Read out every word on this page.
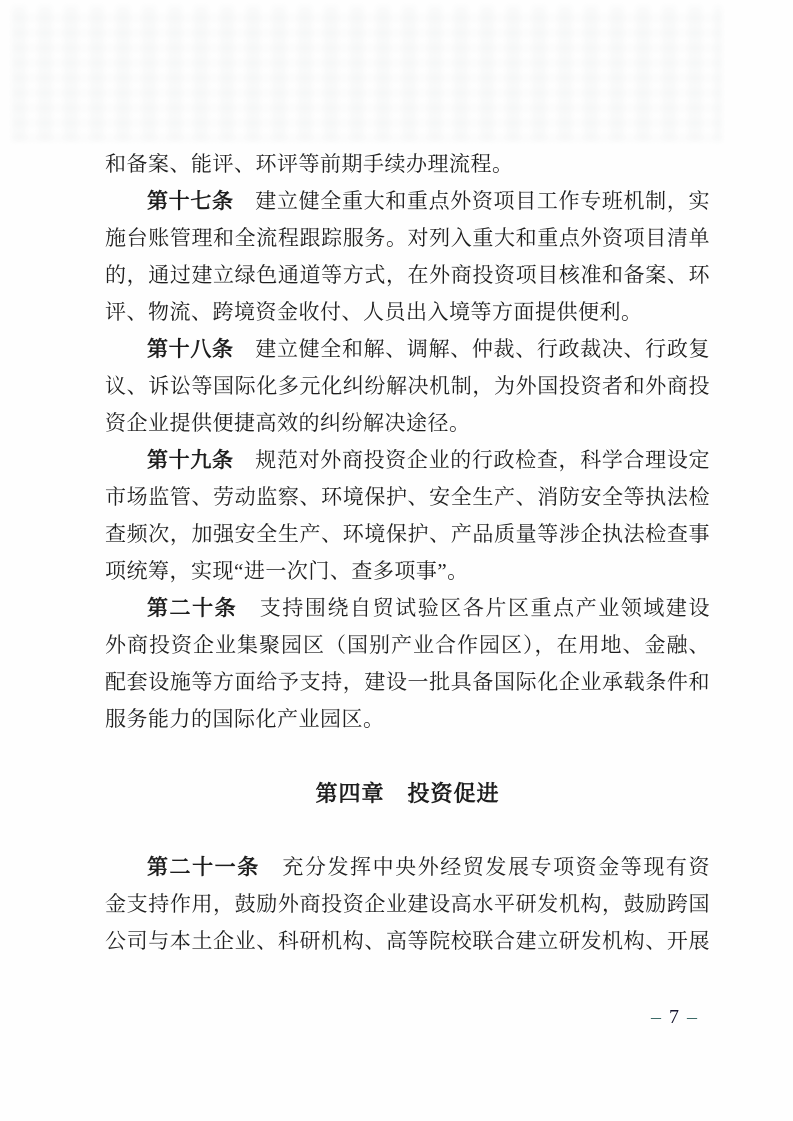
和备案、能评、环评等前期手续办理流程。
第十七条　建立健全重大和重点外资项目工作专班机制，实
施台账管理和全流程跟踪服务。对列入重大和重点外资项目清单
的，通过建立绿色通道等方式，在外商投资项目核准和备案、环
评、物流、跨境资金收付、人员出入境等方面提供便利。
第十八条　建立健全和解、调解、仲裁、行政裁决、行政复
议、诉讼等国际化多元化纠纷解决机制，为外国投资者和外商投
资企业提供便捷高效的纠纷解决途径。
第十九条　规范对外商投资企业的行政检查，科学合理设定
市场监管、劳动监察、环境保护、安全生产、消防安全等执法检
查频次，加强安全生产、环境保护、产品质量等涉企执法检查事
项统筹，实现“进一次门、查多项事”。
第二十条　支持围绕自贸试验区各片区重点产业领域建设
外商投资企业集聚园区（国别产业合作园区），在用地、金融、
配套设施等方面给予支持，建设一批具备国际化企业承载条件和
服务能力的国际化产业园区。
第四章　投资促进
第二十一条　充分发挥中央外经贸发展专项资金等现有资
金支持作用，鼓励外商投资企业建设高水平研发机构，鼓励跨国
公司与本土企业、科研机构、高等院校联合建立研发机构、开展
– 7 –
